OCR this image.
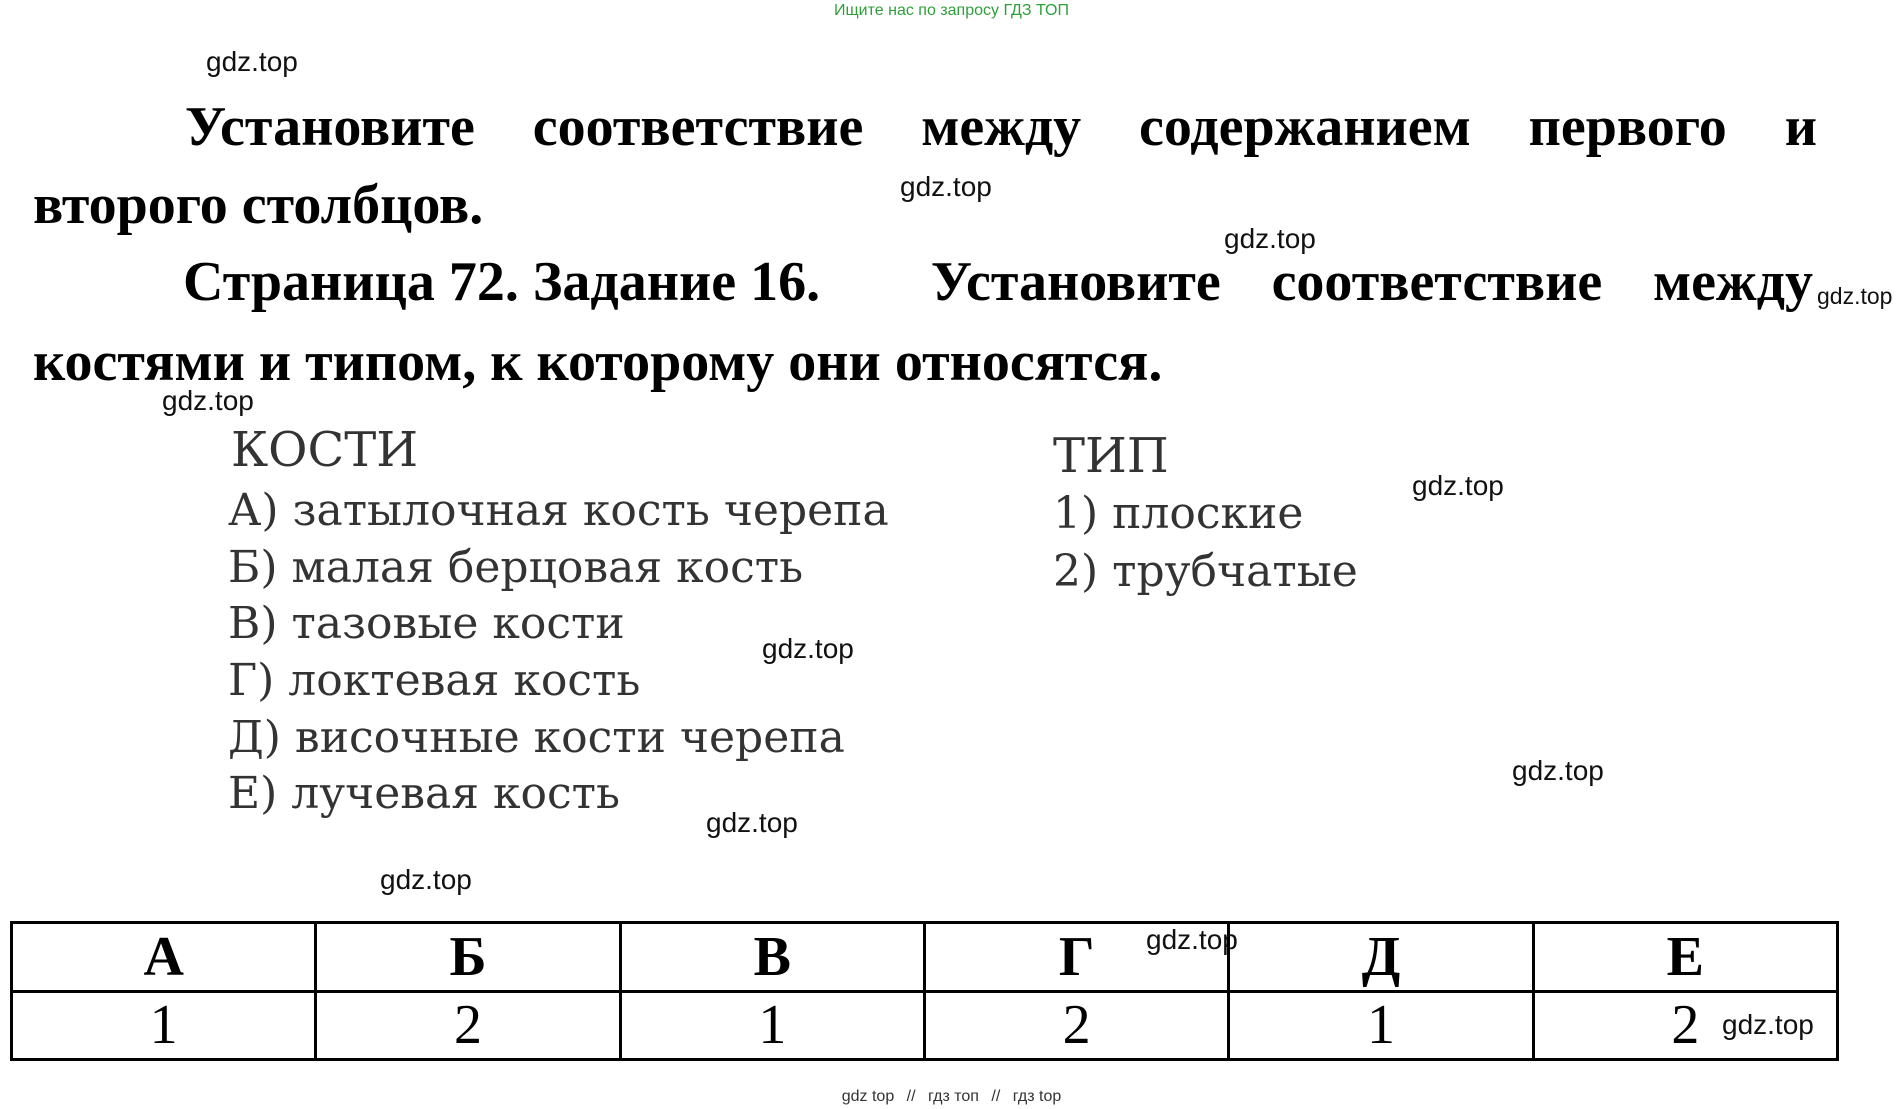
Ищите нас по запросу ГДЗ ТОП
Установите соответствие между содержанием первого и
второго столбцов.
Страница 72. Задание 16. Установите соответствие между
костями и типом, к которому они относятся.
КОСТИ
А) затылочная кость черепа
Б) малая берцовая кость
В) тазовые кости
Г) локтевая кость
Д) височные кости черепа
Е) лучевая кость
ТИП
1) плоские
2) трубчатые
А	Б	В	Г	Д	Е
1	2	1	2	1	2
gdz.top
gdz.top
gdz.top
gdz.top
gdz.top
gdz.top
gdz.top
gdz.top
gdz.top
gdz.top
gdz.top
gdz.top
gdz top // гдз топ // гдз top
